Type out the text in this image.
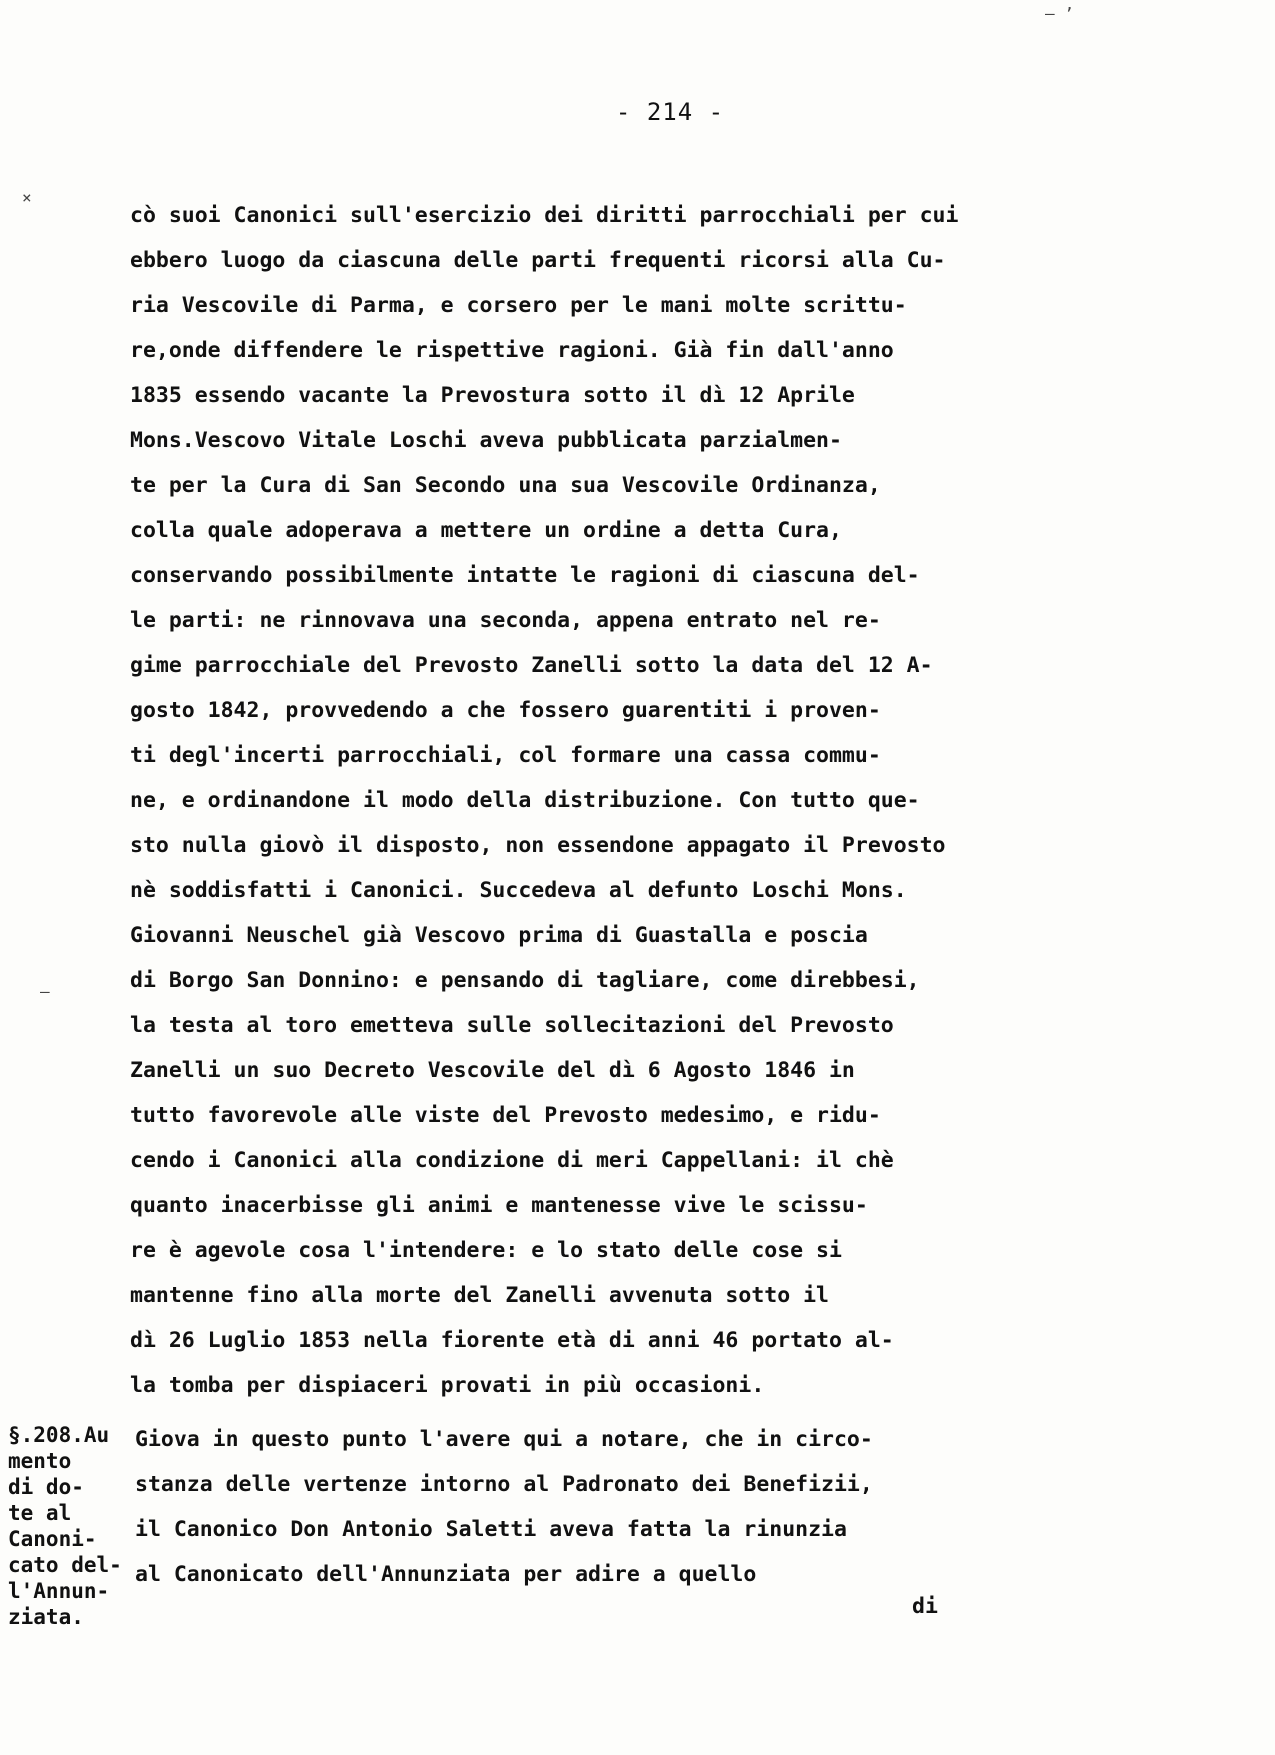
— ’
×
—
- 214 -
cò suoi Canonici sull'esercizio dei diritti parrocchiali per cui
ebbero luogo da ciascuna delle parti frequenti ricorsi alla Cu-
ria Vescovile di Parma, e corsero per le mani molte scrittu-
re,onde diffendere le rispettive ragioni. Già fin dall'anno
1835 essendo vacante la Prevostura sotto il dì 12 Aprile
Mons.Vescovo Vitale Loschi aveva pubblicata parzialmen-
te per la Cura di San Secondo una sua Vescovile Ordinanza,
colla quale adoperava a mettere un ordine a detta Cura,
conservando possibilmente intatte le ragioni di ciascuna del-
le parti: ne rinnovava una seconda, appena entrato nel re-
gime parrocchiale del Prevosto Zanelli sotto la data del 12 A-
gosto 1842, provvedendo a che fossero guarentiti i proven-
ti degl'incerti parrocchiali, col formare una cassa commu-
ne, e ordinandone il modo della distribuzione. Con tutto que-
sto nulla giovò il disposto, non essendone appagato il Prevosto
nè soddisfatti i Canonici. Succedeva al defunto Loschi Mons.
Giovanni Neuschel già Vescovo prima di Guastalla e poscia
di Borgo San Donnino: e pensando di tagliare, come direbbesi,
la testa al toro emetteva sulle sollecitazioni del Prevosto
Zanelli un suo Decreto Vescovile del dì 6 Agosto 1846 in
tutto favorevole alle viste del Prevosto medesimo, e ridu-
cendo i Canonici alla condizione di meri Cappellani: il chè
quanto inacerbisse gli animi e mantenesse vive le scissu-
re è agevole cosa l'intendere: e lo stato delle cose si
mantenne fino alla morte del Zanelli avvenuta sotto il
dì 26 Luglio 1853 nella fiorente età di anni 46 portato al-
la tomba per dispiaceri provati in più occasioni.
§.208.Au
mento
di do-
te al
Canoni-
cato del-
l'Annun-
ziata.
Giova in questo punto l'avere qui a notare, che in circo-
stanza delle vertenze intorno al Padronato dei Benefizii,
il Canonico Don Antonio Saletti aveva fatta la rinunzia
al Canonicato dell'Annunziata per adire a quello
di
